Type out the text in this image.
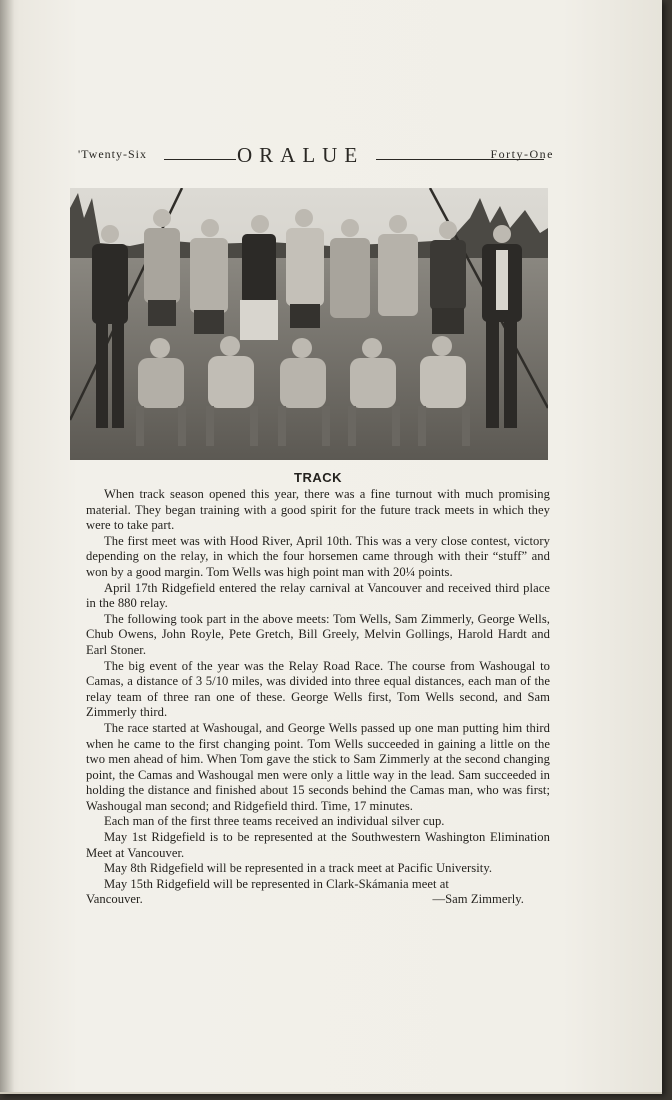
'Twenty-Six	ORALUE	Forty-One
TRACK

When track season opened this year, there was a fine turnout with much promising material. They began training with a good spirit for the future track meets in which they were to take part.

The first meet was with Hood River, April 10th. This was a very close contest, victory depending on the relay, in which the four horsemen came through with their “stuff” and won by a good margin. Tom Wells was high point man with 20¼ points.

April 17th Ridgefield entered the relay carnival at Vancouver and received third place in the 880 relay.

The following took part in the above meets: Tom Wells, Sam Zimmerly, George Wells, Chub Owens, John Royle, Pete Gretch, Bill Greely, Melvin Gollings, Harold Hardt and Earl Stoner.

The big event of the year was the Relay Road Race. The course from Washougal to Camas, a distance of 3 5/10 miles, was divided into three equal distances, each man of the relay team of three ran one of these. George Wells first, Tom Wells second, and Sam Zimmerly third.

The race started at Washougal, and George Wells passed up one man putting him third when he came to the first changing point. Tom Wells succeeded in gaining a little on the two men ahead of him. When Tom gave the stick to Sam Zimmerly at the second changing point, the Camas and Washougal men were only a little way in the lead. Sam succeeded in holding the distance and finished about 15 seconds behind the Camas man, who was first; Washougal man second; and Ridgefield third. Time, 17 minutes.

Each man of the first three teams received an individual silver cup.

May 1st Ridgefield is to be represented at the Southwestern Washington Elimination Meet at Vancouver.

May 8th Ridgefield will be represented in a track meet at Pacific University.

May 15th Ridgefield will be represented in Clark-Skámania meet at

Vancouver.	—Sam Zimmerly.
